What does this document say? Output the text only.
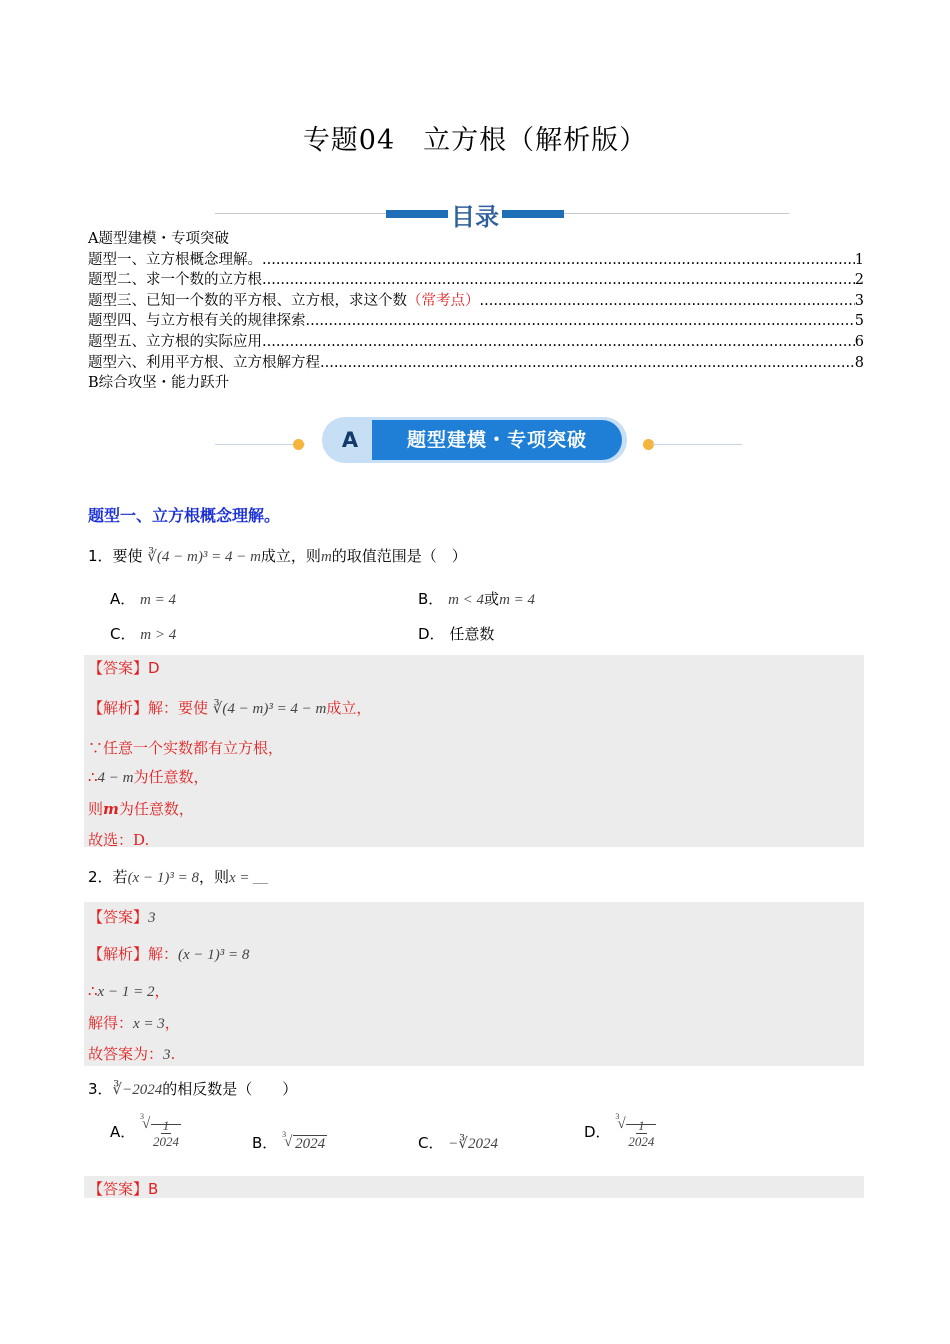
专题04　立方根（解析版）
目录
A题型建模・专项突破
题型一、立方根概念理解。 .....	1
题型二、求一个数的立方根 .....	2
题型三、已知一个数的平方根、立方根，求这个数 （常考点） .....	3
题型四、与立方根有关的规律探索 .....	5
题型五、立方根的实际应用 .....	6
题型六、利用平方根、立方根解方程 .....	8
B综合攻坚・能力跃升
A	题型建模・专项突破
题型一、立方根概念理解。
1．要使 ∛(4 − m)³ = 4 − m成立，则m的取值范围是（　）
A． m = 4	B． m < 4或m = 4
C． m > 4	D． 任意数
【答案】D
【解析】解：要使 ∛(4 − m)³ = 4 − m成立，
∵任意一个实数都有立方根，
∴4 − m为任意数，
则m为任意数，
故选：D.
2．若(x − 1)³ = 8，则x = ＿
【答案】3
【解析】解：(x − 1)³ = 8
∴x − 1 = 2，
解得：x = 3，
故答案为：3.
3．∛−2024的相反数是（　　）
A．
√ 3
$\frac{1}{2024}$	B． √ 3
2024	C． −∛2024
D．
√ 3
$\frac{1}{2024}$
【答案】B
